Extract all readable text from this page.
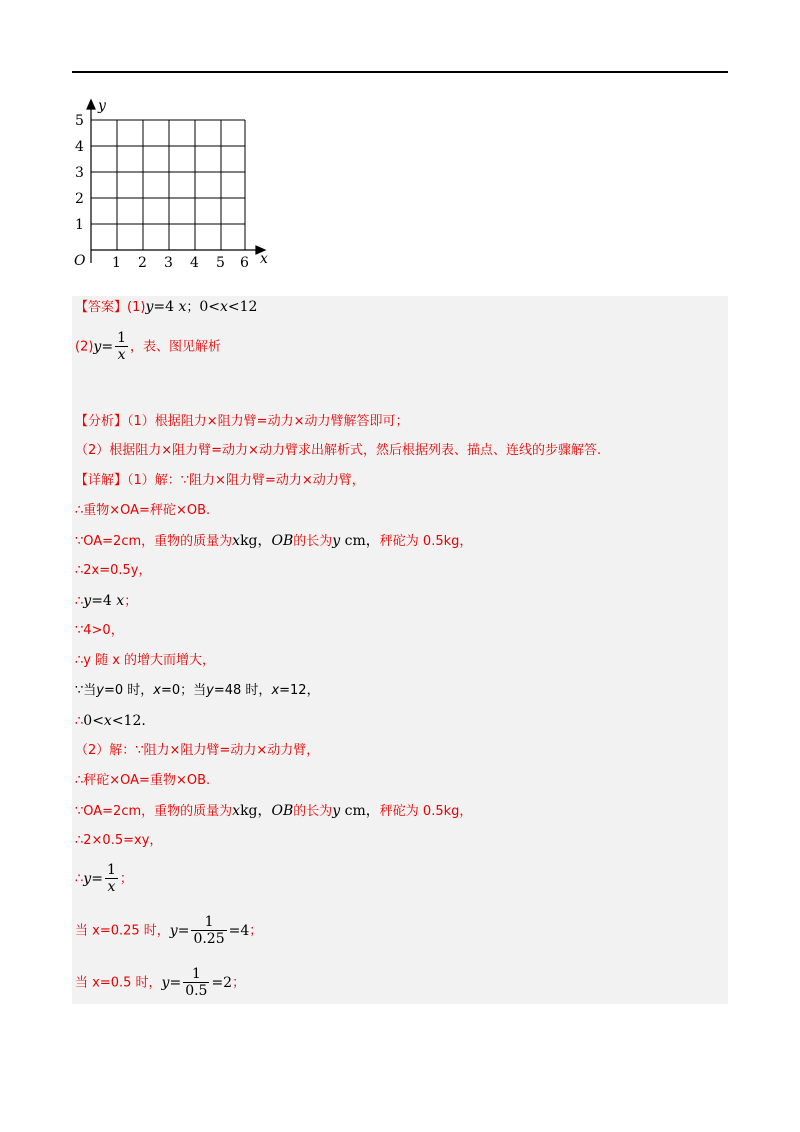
y
x
O
5
4
3
2
1
1 2 3 4 5 6
【答案】(1)y=4 x；0<x<12
$(2)y= \frac{1}{x}$ ，表、图见解析
【分析】（1）根据阻力×阻力臂=动力×动力臂解答即可；
（2）根据阻力×阻力臂=动力×动力臂求出解析式，然后根据列表、描点、连线的步骤解答.
【详解】（1）解：∵阻力×阻力臂=动力×动力臂，
∴重物×OA=秤砣×OB.
∵OA=2cm，重物的质量为xkg，OB的长为y cm，秤砣为 0.5kg，
∴2x=0.5y，
∴y=4 x；
∵4>0，
∴y 随 x 的增大而增大，
∵当y=0 时，x=0；当y=48 时，x=12，
∴0<x<12.
（2）解：∵阻力×阻力臂=动力×动力臂，
∴秤砣×OA=重物×OB.
∵OA=2cm，重物的质量为xkg，OB的长为y cm，秤砣为 0.5kg，
∴2×0.5=xy，
∴y= $\frac{1}{x}$ ；
当 x=0.25 时，$y= \frac{1}{0.25} =4$；
当 x=0.5 时，$y= \frac{1}{0.5} =2$；
